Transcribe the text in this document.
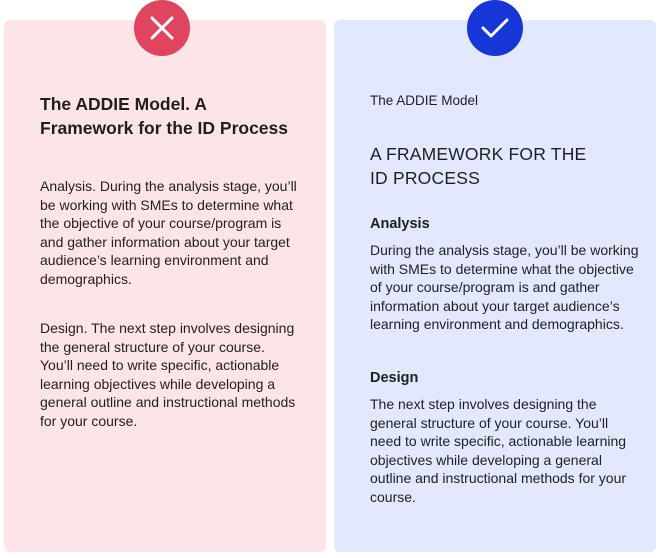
The ADDIE Model. A Framework for the ID Process

Analysis. During the analysis stage, you’ll be working with SMEs to determine what the objective of your course/program is and gather information about your target audience’s learning environment and demographics.

Design. The next step involves designing the general structure of your course. You’ll need to write specific, actionable learning objectives while developing a general outline and instructional methods for your course.

The ADDIE Model

A FRAMEWORK FOR THE ID PROCESS
Analysis

During the analysis stage, you’ll be working with SMEs to determine what the objective of your course/program is and gather information about your target audience’s learning environment and demographics.

Design

The next step involves designing the general structure of your course. You’ll need to write specific, actionable learning objectives while developing a general outline and instructional methods for your course.
